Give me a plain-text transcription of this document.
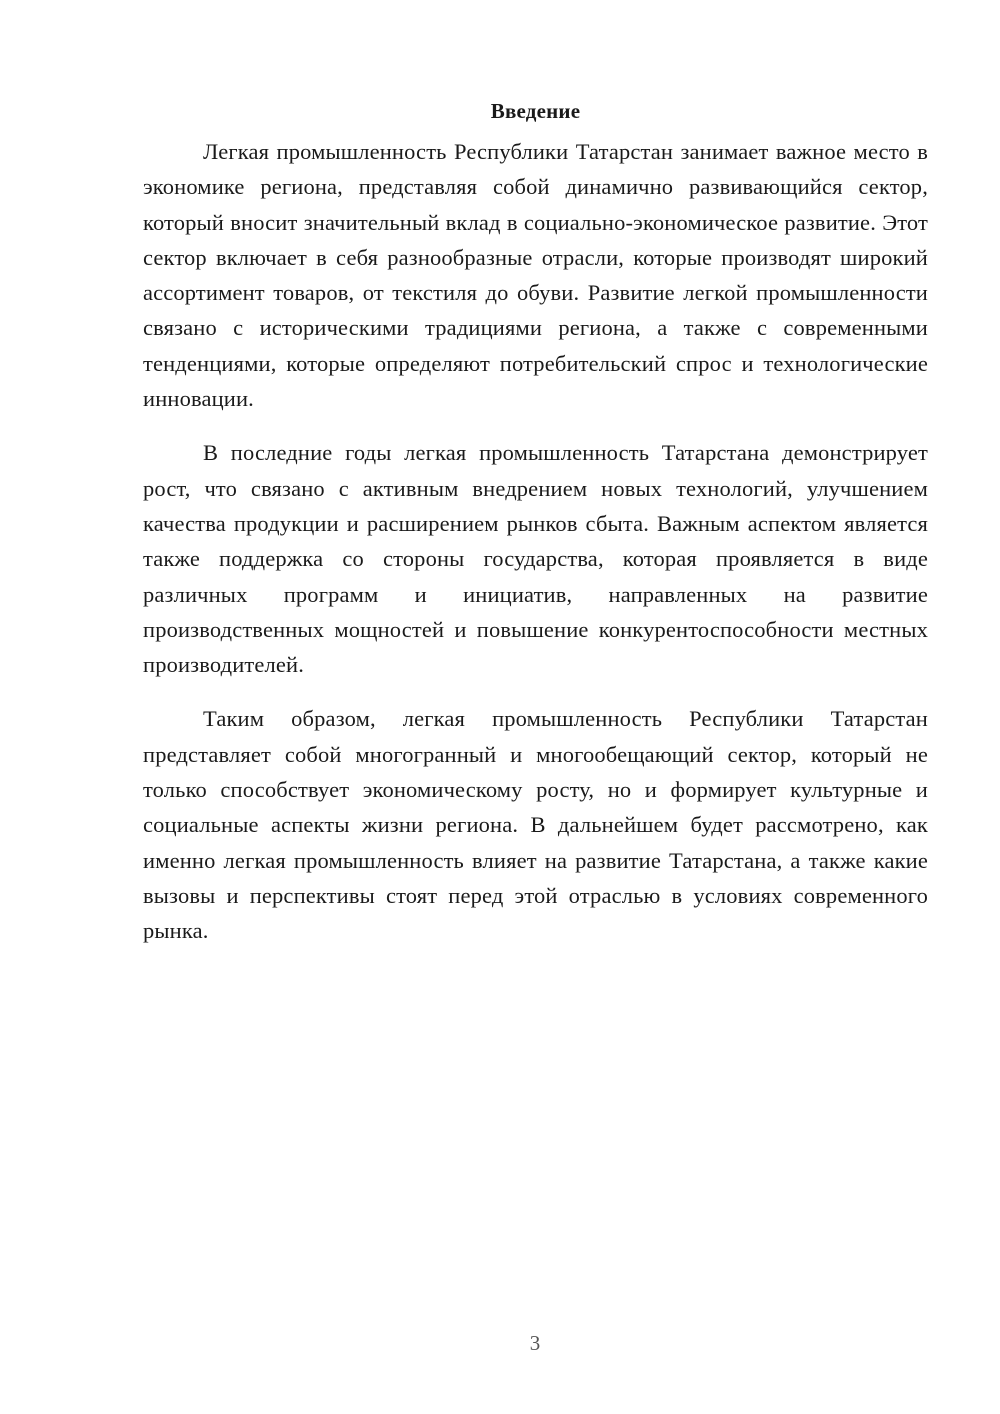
Введение

Легкая промышленность Республики Татарстан занимает важное место в экономике региона, представляя собой динамично развивающийся сектор, который вносит значительный вклад в социально-экономическое развитие. Этот сектор включает в себя разнообразные отрасли, которые производят широкий ассортимент товаров, от текстиля до обуви. Развитие легкой промышленности связано с историческими традициями региона, а также с современными тенденциями, которые определяют потребительский спрос и технологические инновации.

В последние годы легкая промышленность Татарстана демонстрирует рост, что связано с активным внедрением новых технологий, улучшением качества продукции и расширением рынков сбыта. Важным аспектом является также поддержка со стороны государства, которая проявляется в виде различных программ и инициатив, направленных на развитие производственных мощностей и повышение конкурентоспособности местных производителей.

Таким образом, легкая промышленность Республики Татарстан представляет собой многогранный и многообещающий сектор, который не только способствует экономическому росту, но и формирует культурные и социальные аспекты жизни региона. В дальнейшем будет рассмотрено, как именно легкая промышленность влияет на развитие Татарстана, а также какие вызовы и перспективы стоят перед этой отраслью в условиях современного рынка.

3
